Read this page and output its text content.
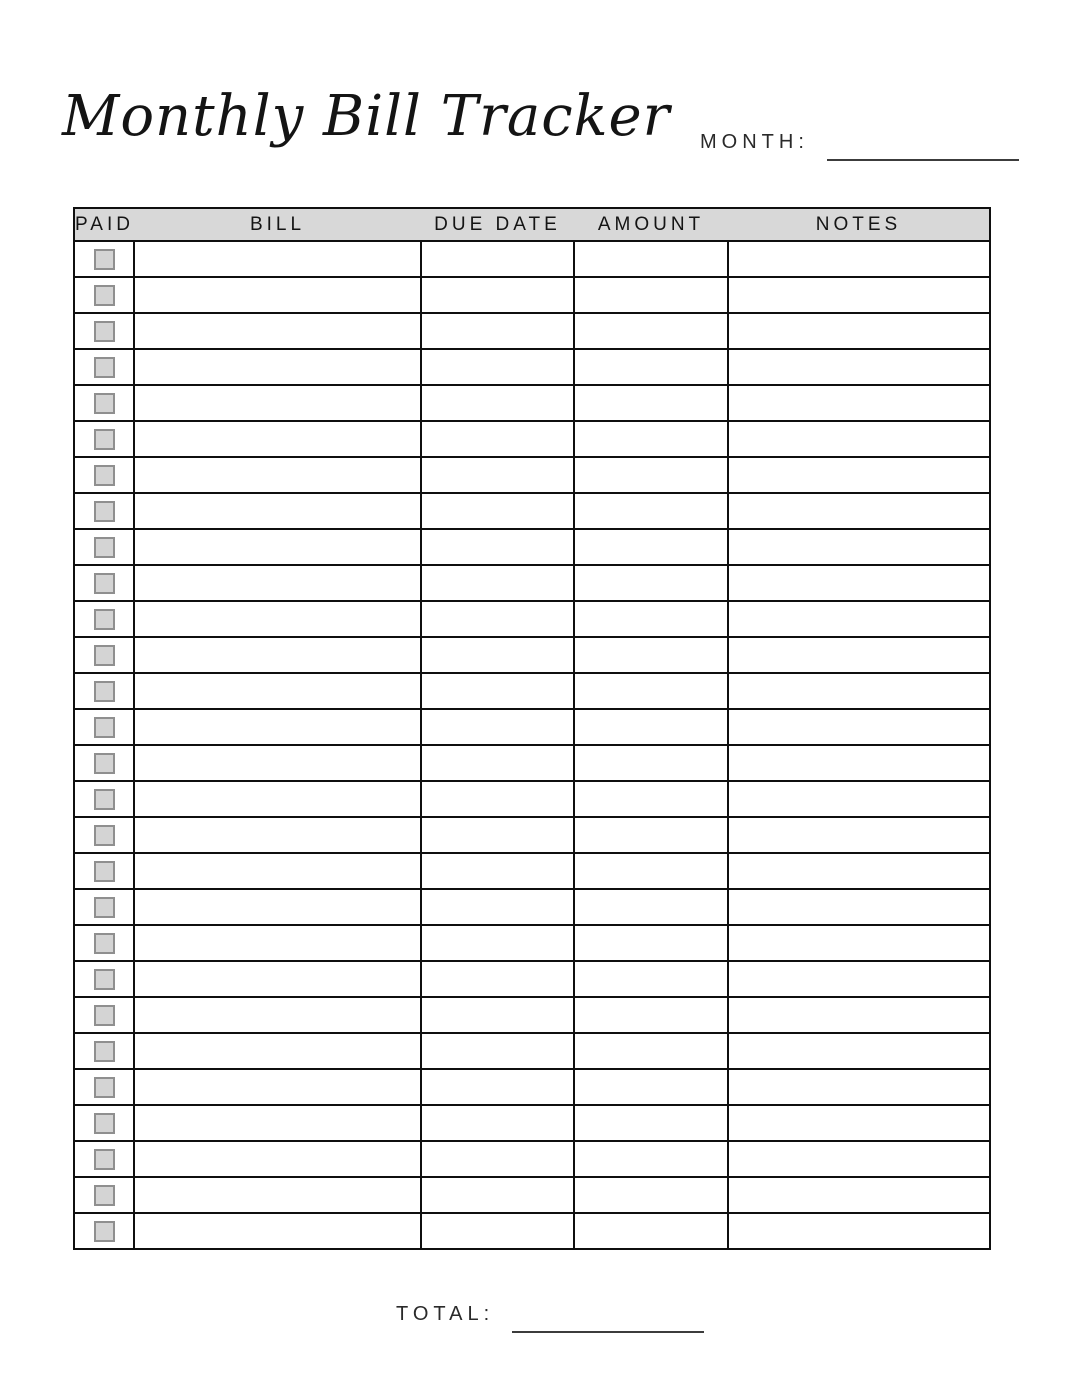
Monthly Bill Tracker MONTH:
PAID	BILL	DUE DATE	AMOUNT	NOTES

TOTAL:
